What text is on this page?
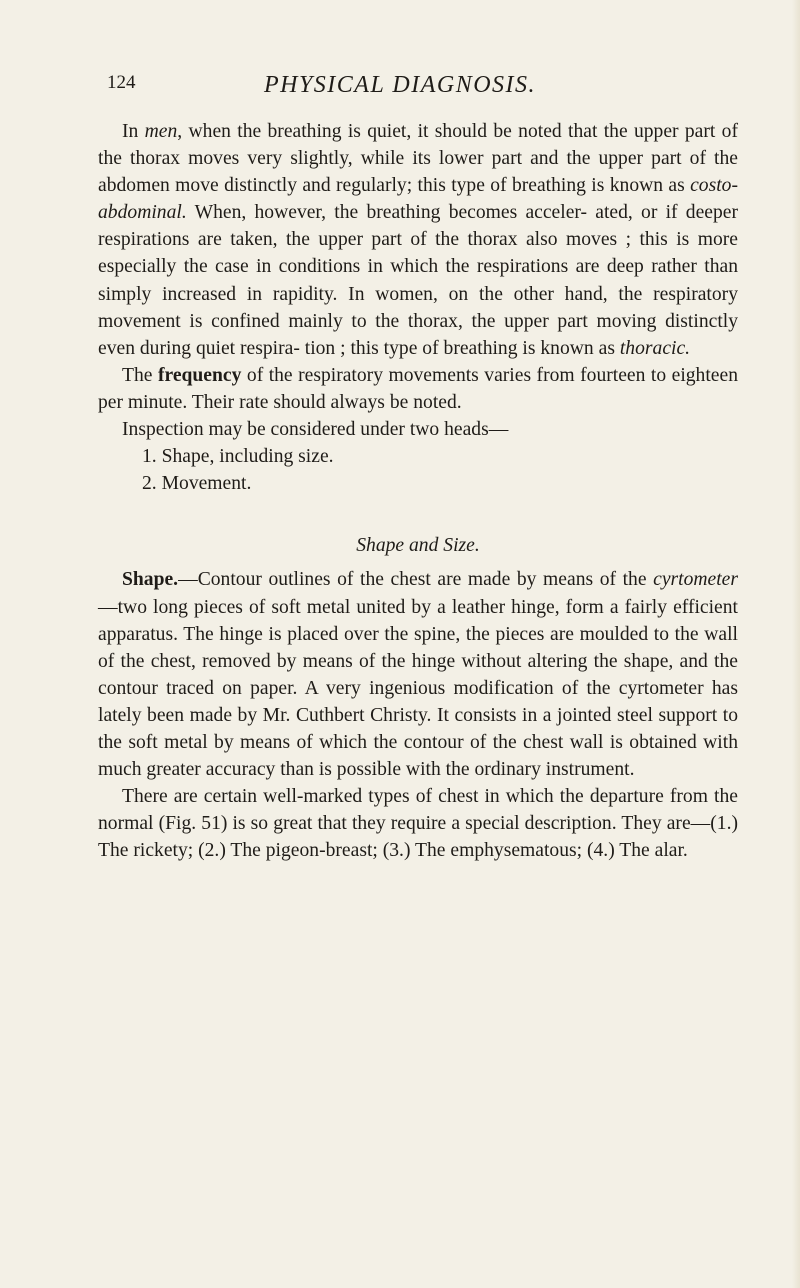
124	PHYSICAL DIAGNOSIS.

In men, when the breathing is quiet, it should be noted that the upper part of the thorax moves very slightly, while its lower part and the upper part of the abdomen move distinctly and regularly; this type of breathing is known as costo-abdominal. When, however, the breathing becomes acceler- ated, or if deeper respirations are taken, the upper part of the thorax also moves ; this is more especially the case in conditions in which the respirations are deep rather than simply increased in rapidity. In women, on the other hand, the respiratory movement is confined mainly to the thorax, the upper part moving distinctly even during quiet respira- tion ; this type of breathing is known as thoracic.

The frequency of the respiratory movements varies from fourteen to eighteen per minute. Their rate should always be noted.

Inspection may be considered under two heads—

1. Shape, including size.
2. Movement.
Shape and Size.

Shape.—Contour outlines of the chest are made by means of the cyrtometer—two long pieces of soft metal united by a leather hinge, form a fairly efficient apparatus. The hinge is placed over the spine, the pieces are moulded to the wall of the chest, removed by means of the hinge without altering the shape, and the contour traced on paper. A very ingenious modification of the cyrtometer has lately been made by Mr. Cuthbert Christy. It consists in a jointed steel support to the soft metal by means of which the contour of the chest wall is obtained with much greater accuracy than is possible with the ordinary instrument.

There are certain well-marked types of chest in which the departure from the normal (Fig. 51) is so great that they require a special description. They are—(1.) The rickety; (2.) The pigeon-breast; (3.) The emphysematous; (4.) The alar.
